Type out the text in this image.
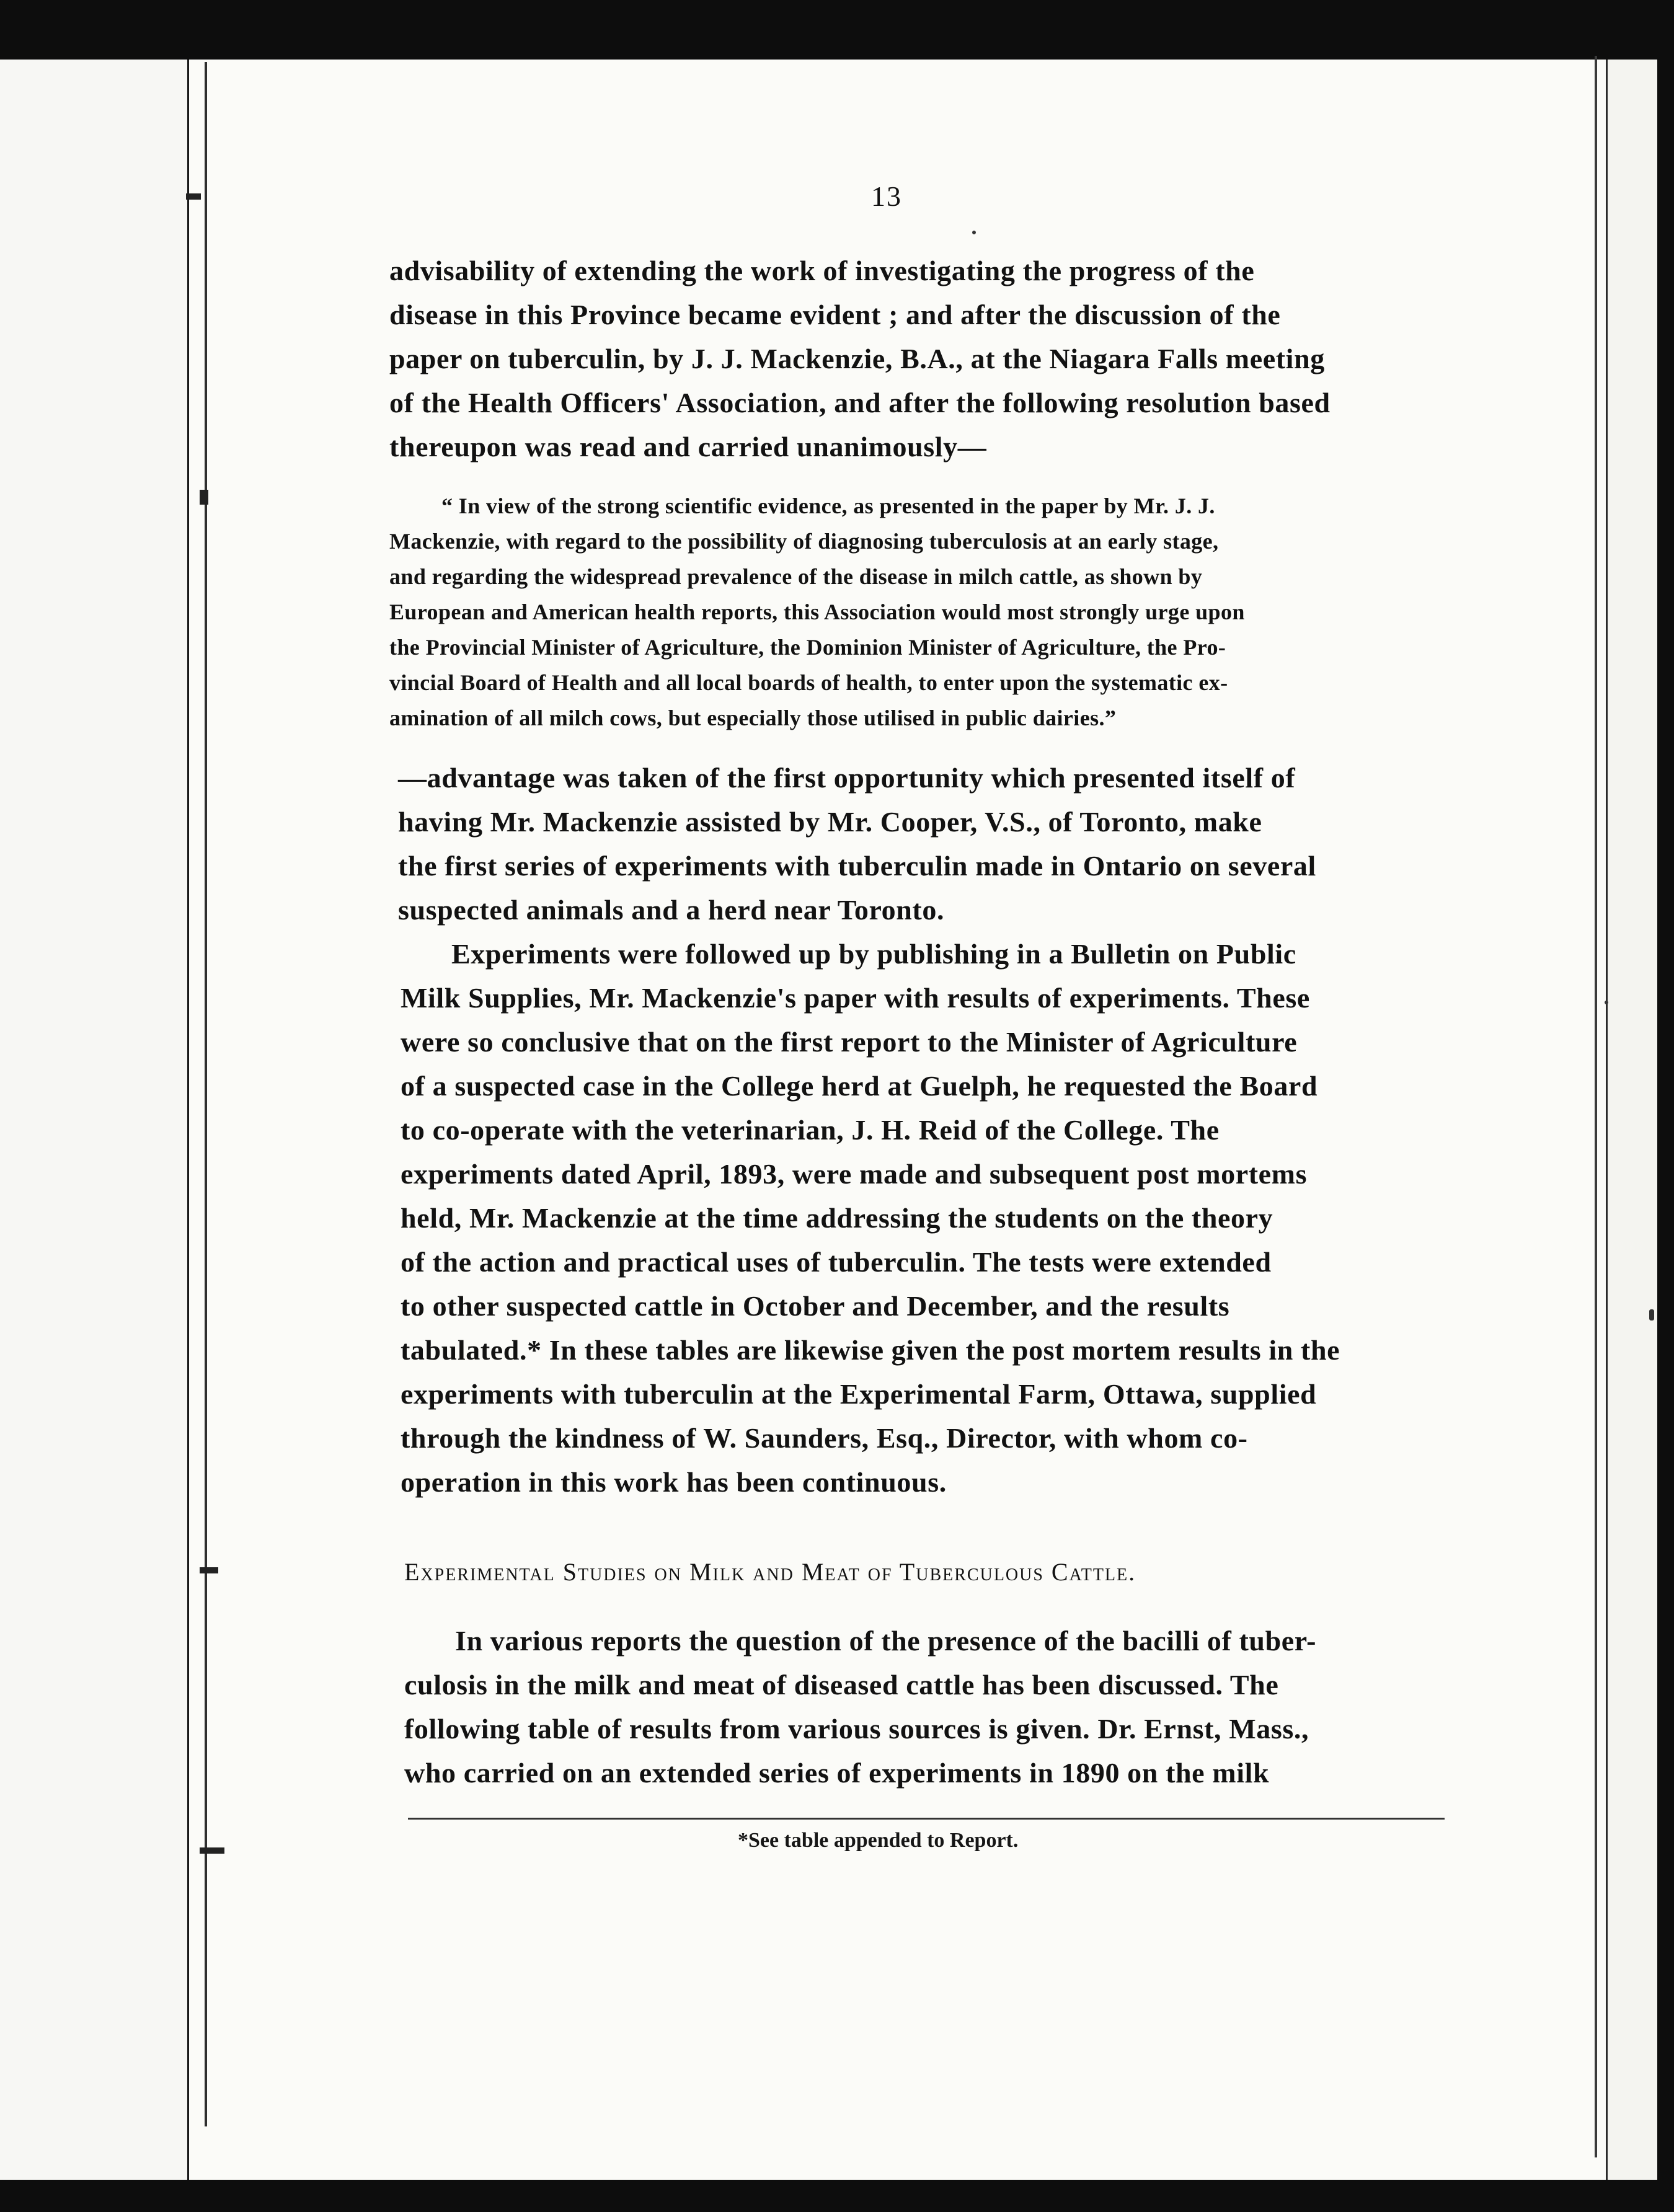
13
advisability of extending the work of investigating the progress of the
disease in this Province became evident ; and after the discussion of the
paper on tuberculin, by J. J. Mackenzie, B.A., at the Niagara Falls meeting
of the Health Officers' Association, and after the following resolution based
thereupon was read and carried unanimously—
“ In view of the strong scientific evidence, as presented in the paper by Mr. J. J.
Mackenzie, with regard to the possibility of diagnosing tuberculosis at an early stage,
and regarding the widespread prevalence of the disease in milch cattle, as shown by
European and American health reports, this Association would most strongly urge upon
the Provincial Minister of Agriculture, the Dominion Minister of Agriculture, the Pro-
vincial Board of Health and all local boards of health, to enter upon the systematic ex-
amination of all milch cows, but especially those utilised in public dairies.”
—advantage was taken of the first opportunity which presented itself of
having Mr. Mackenzie assisted by Mr. Cooper, V.S., of Toronto, make
the first series of experiments with tuberculin made in Ontario on several
suspected animals and a herd near Toronto.
Experiments were followed up by publishing in a Bulletin on Public
Milk Supplies, Mr. Mackenzie's paper with results of experiments. These
were so conclusive that on the first report to the Minister of Agriculture
of a suspected case in the College herd at Guelph, he requested the Board
to co-operate with the veterinarian, J. H. Reid of the College. The
experiments dated April, 1893, were made and subsequent post mortems
held, Mr. Mackenzie at the time addressing the students on the theory
of the action and practical uses of tuberculin. The tests were extended
to other suspected cattle in October and December, and the results
tabulated.* In these tables are likewise given the post mortem results in the
experiments with tuberculin at the Experimental Farm, Ottawa, supplied
through the kindness of W. Saunders, Esq., Director, with whom co-
operation in this work has been continuous.
Experimental Studies on Milk and Meat of Tuberculous Cattle.
In various reports the question of the presence of the bacilli of tuber-
culosis in the milk and meat of diseased cattle has been discussed. The
following table of results from various sources is given. Dr. Ernst, Mass.,
who carried on an extended series of experiments in 1890 on the milk
*See table appended to Report.
